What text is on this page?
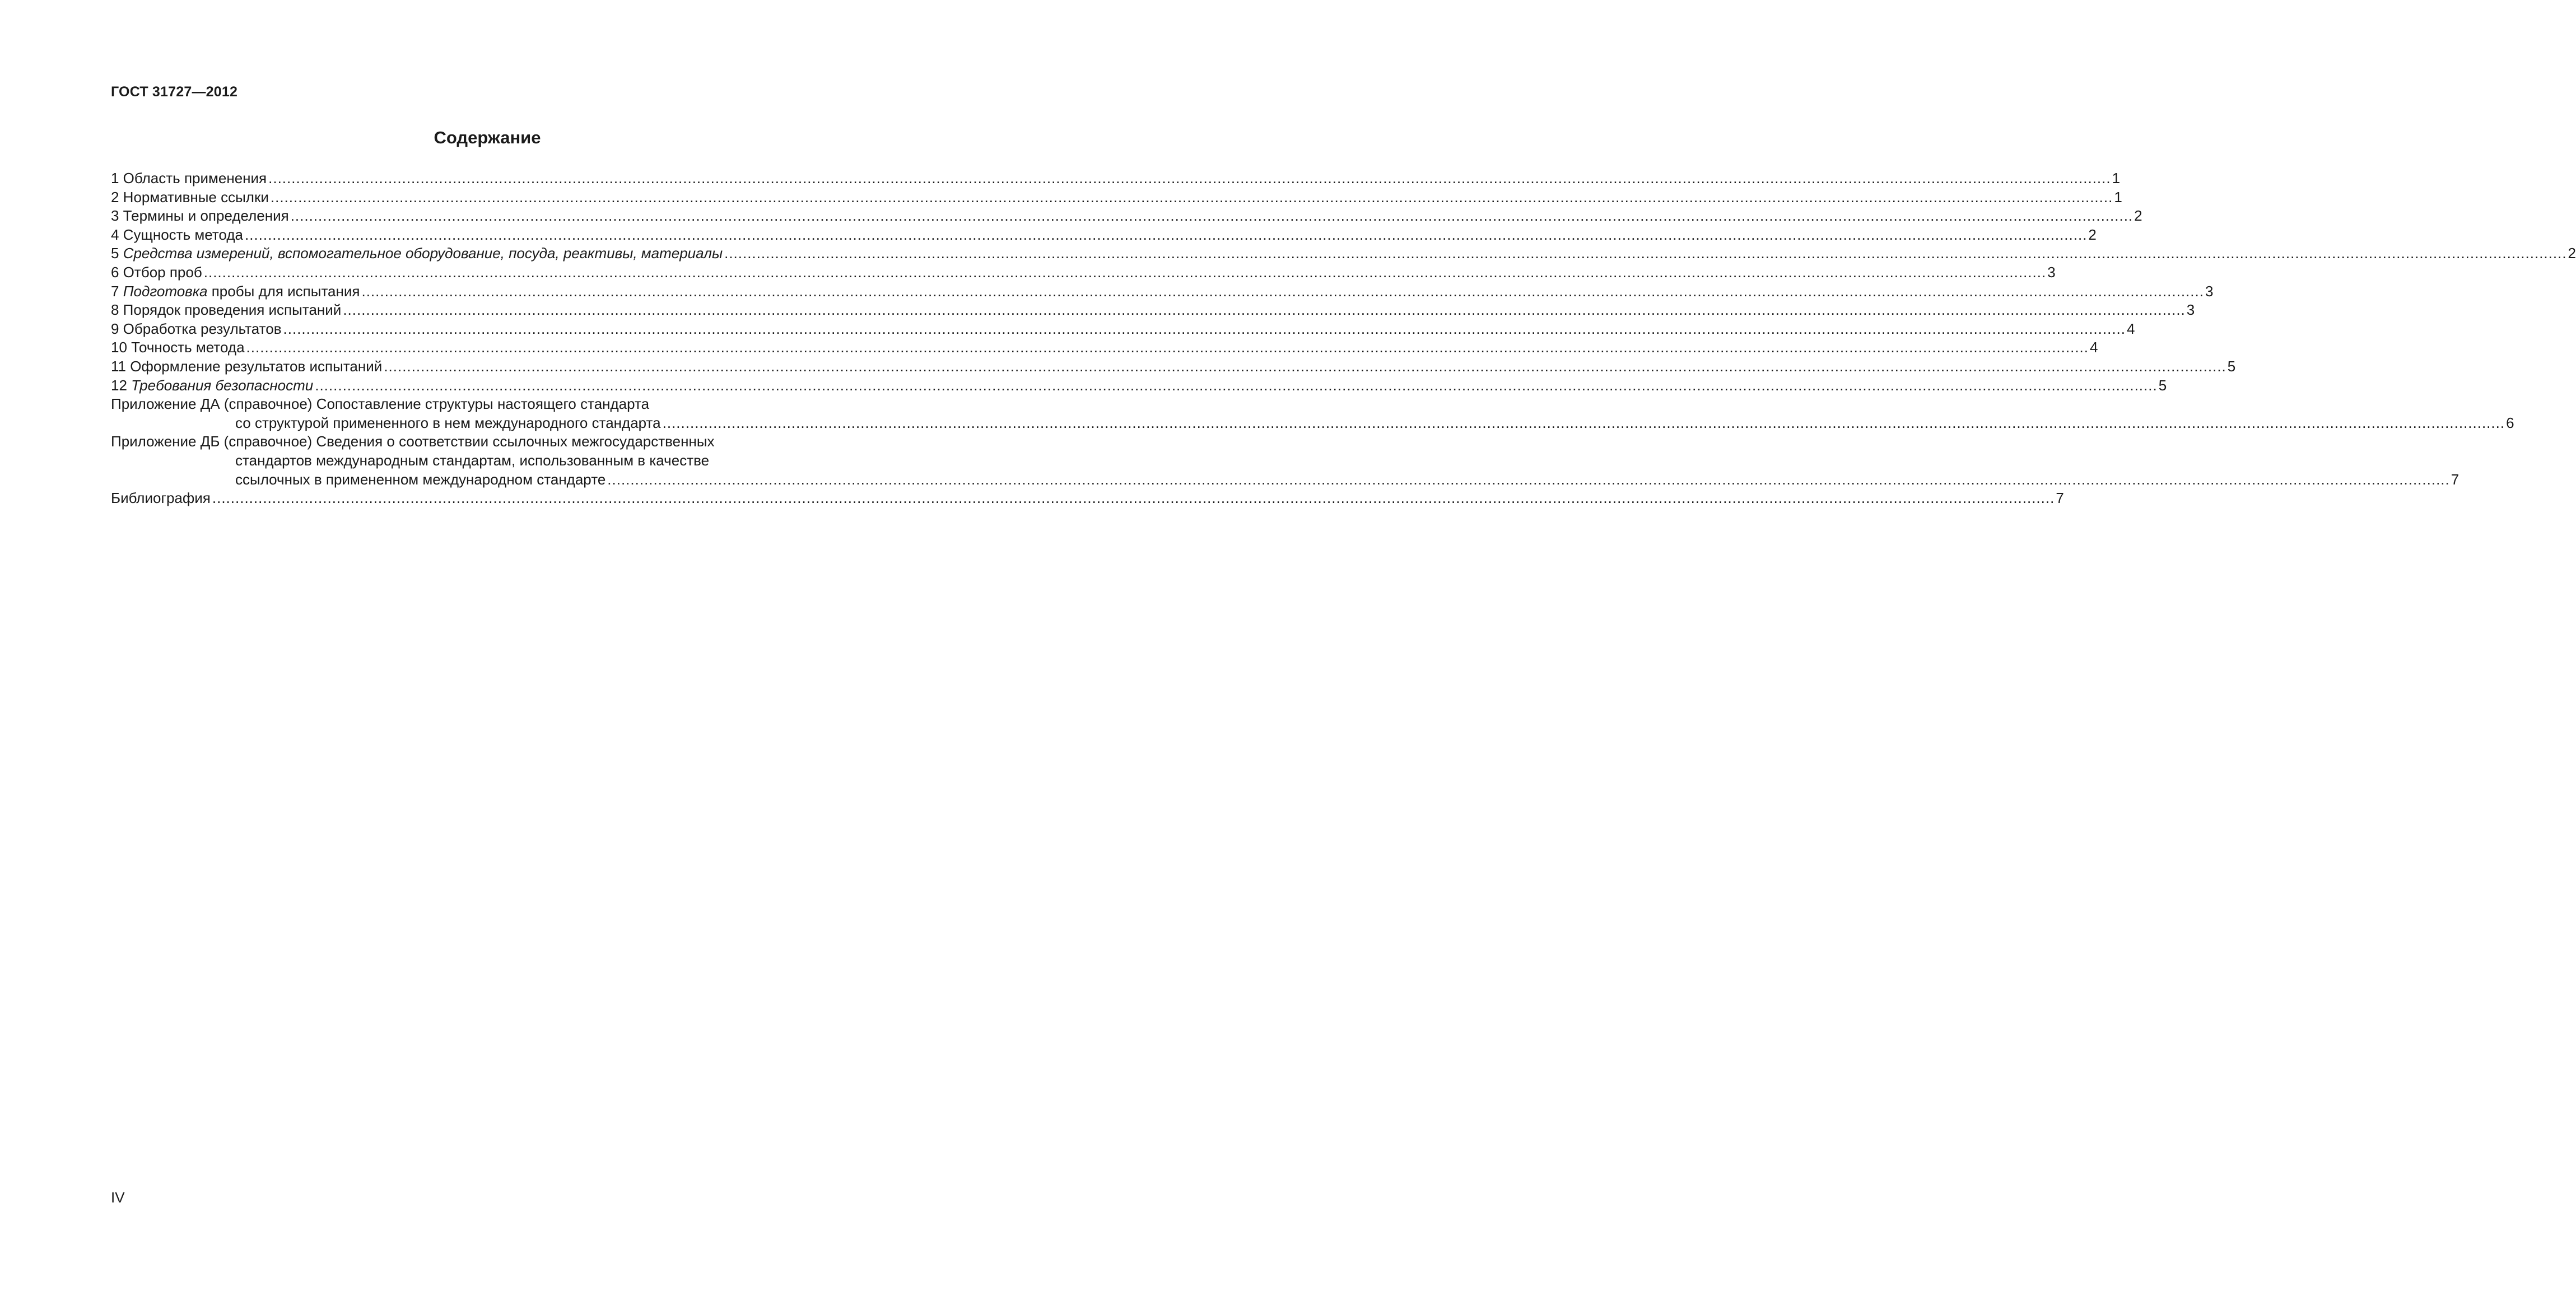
ГОСТ 31727—2012
Содержание
1 Область применения ................................................................................................................................................................................................................................................................................................................................................................................................................ 1
2 Нормативные ссылки ................................................................................................................................................................................................................................................................................................................................................................................................................ 1
3 Термины и определения ................................................................................................................................................................................................................................................................................................................................................................................................................ 2
4 Сущность метода ................................................................................................................................................................................................................................................................................................................................................................................................................ 2
5 Средства измерений, вспомогательное оборудование, посуда, реактивы, материалы ................................................................................................................................................................................................................................................................................................................................................................................................................ 2
6 Отбор проб ................................................................................................................................................................................................................................................................................................................................................................................................................ 3
7 Подготовка пробы для испытания ................................................................................................................................................................................................................................................................................................................................................................................................................ 3
8 Порядок проведения испытаний ................................................................................................................................................................................................................................................................................................................................................................................................................ 3
9 Обработка результатов ................................................................................................................................................................................................................................................................................................................................................................................................................ 4
10 Точность метода ................................................................................................................................................................................................................................................................................................................................................................................................................ 4
11 Оформление результатов испытаний ................................................................................................................................................................................................................................................................................................................................................................................................................ 5
12 Требования безопасности ................................................................................................................................................................................................................................................................................................................................................................................................................ 5
Приложение ДА (справочное) Сопоставление структуры настоящего стандарта
со структурой примененного в нем международного стандарта ................................................................................................................................................................................................................................................................................................................................................................................................................ 6
Приложение ДБ (справочное) Сведения о соответствии ссылочных межгосударственных
стандартов международным стандартам, использованным в качестве
ссылочных в примененном международном стандарте ................................................................................................................................................................................................................................................................................................................................................................................................................ 7
Библиография ................................................................................................................................................................................................................................................................................................................................................................................................................ 7
IV
